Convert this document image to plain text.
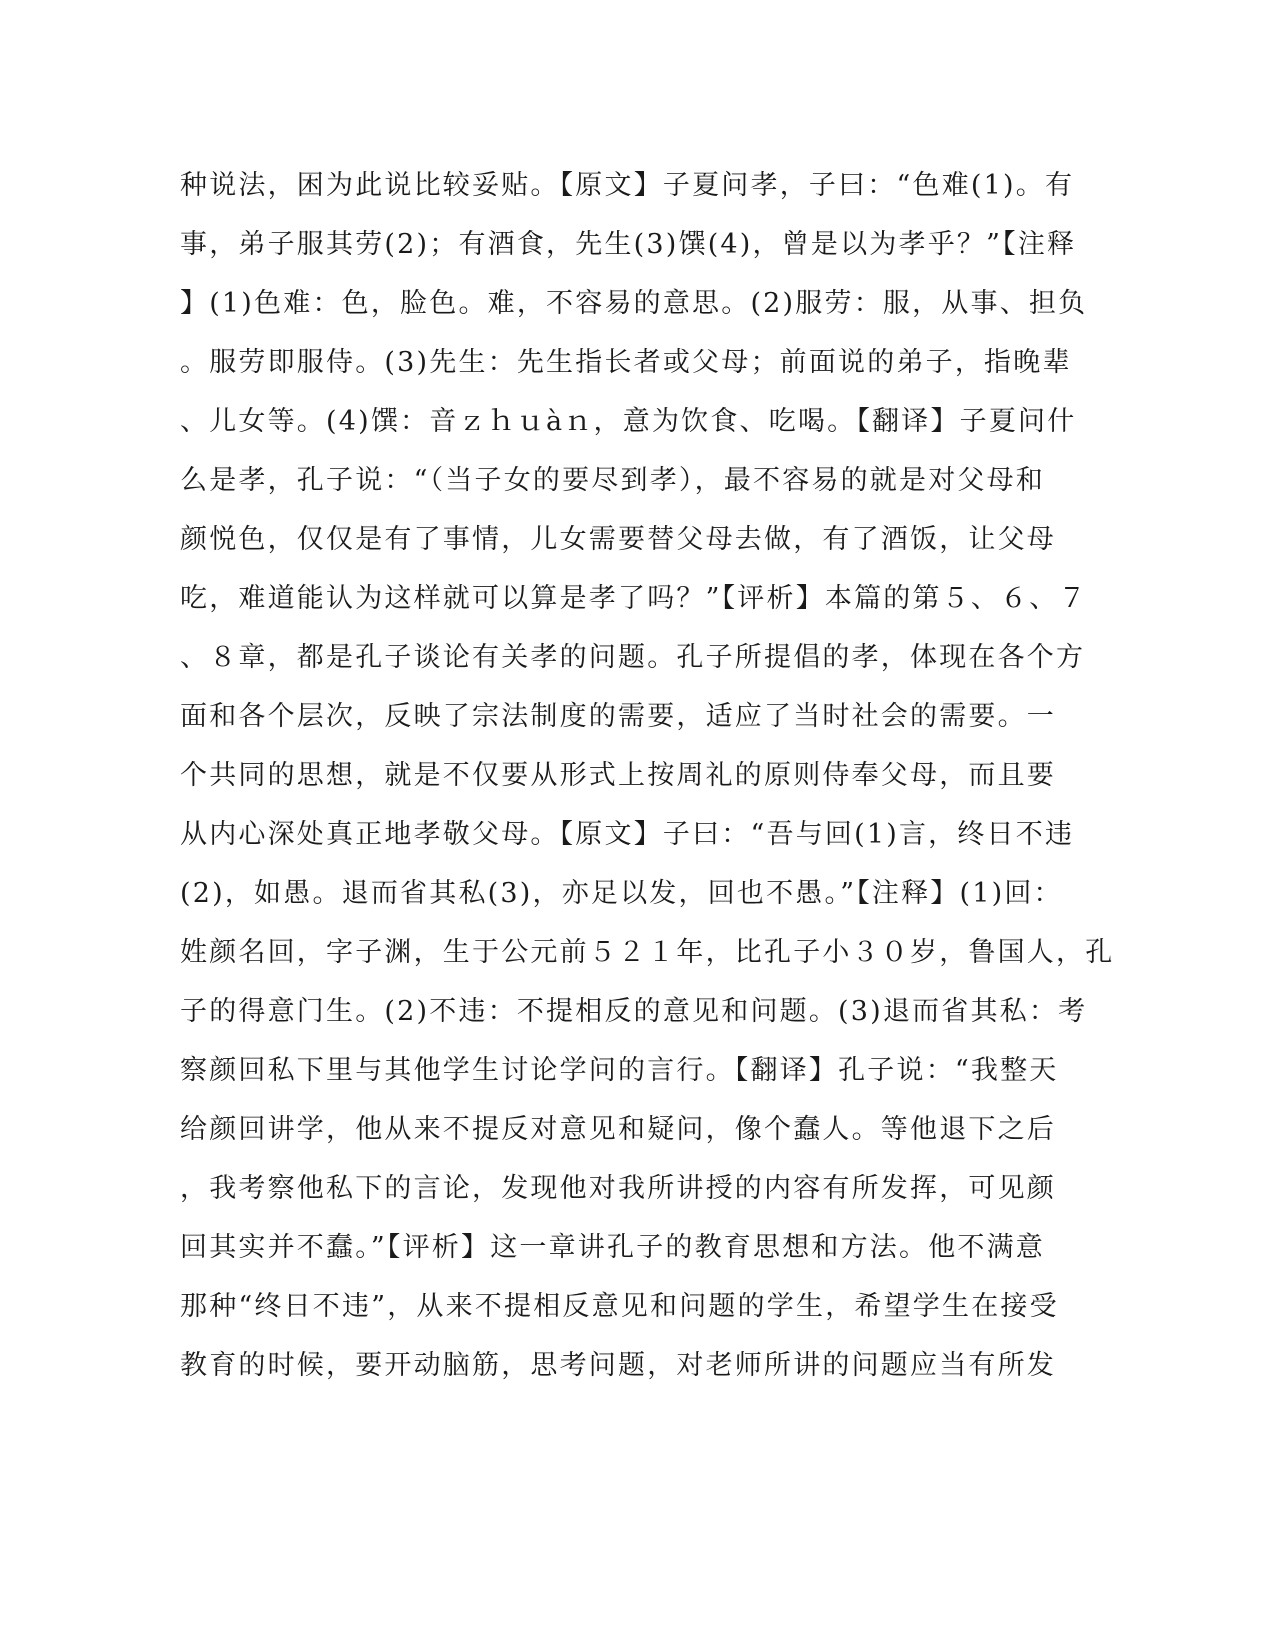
种说法，困为此说比较妥贴。【原文】子夏问孝，子曰：“色难(1)。有
事，弟子服其劳(2)；有酒食，先生(3)馔(4)，曾是以为孝乎？”【注释
】(1)色难：色，脸色。难，不容易的意思。(2)服劳：服，从事、担负
。服劳即服侍。(3)先生：先生指长者或父母；前面说的弟子，指晚辈
、儿女等。(4)馔：音ｚｈｕàｎ，意为饮食、吃喝。【翻译】子夏问什
么是孝，孔子说：“（当子女的要尽到孝），最不容易的就是对父母和
颜悦色，仅仅是有了事情，儿女需要替父母去做，有了酒饭，让父母
吃，难道能认为这样就可以算是孝了吗？”【评析】本篇的第５、６、７
、８章，都是孔子谈论有关孝的问题。孔子所提倡的孝，体现在各个方
面和各个层次，反映了宗法制度的需要，适应了当时社会的需要。一
个共同的思想，就是不仅要从形式上按周礼的原则侍奉父母，而且要
从内心深处真正地孝敬父母。【原文】子曰：“吾与回(1)言，终日不违
(2)，如愚。退而省其私(3)，亦足以发，回也不愚。”【注释】(1)回：
姓颜名回，字子渊，生于公元前５２１年，比孔子小３０岁，鲁国人，孔
子的得意门生。(2)不违：不提相反的意见和问题。(3)退而省其私：考
察颜回私下里与其他学生讨论学问的言行。【翻译】孔子说：“我整天
给颜回讲学，他从来不提反对意见和疑问，像个蠢人。等他退下之后
，我考察他私下的言论，发现他对我所讲授的内容有所发挥，可见颜
回其实并不蠢。”【评析】这一章讲孔子的教育思想和方法。他不满意
那种“终日不违”，从来不提相反意见和问题的学生，希望学生在接受
教育的时候，要开动脑筋，思考问题，对老师所讲的问题应当有所发
